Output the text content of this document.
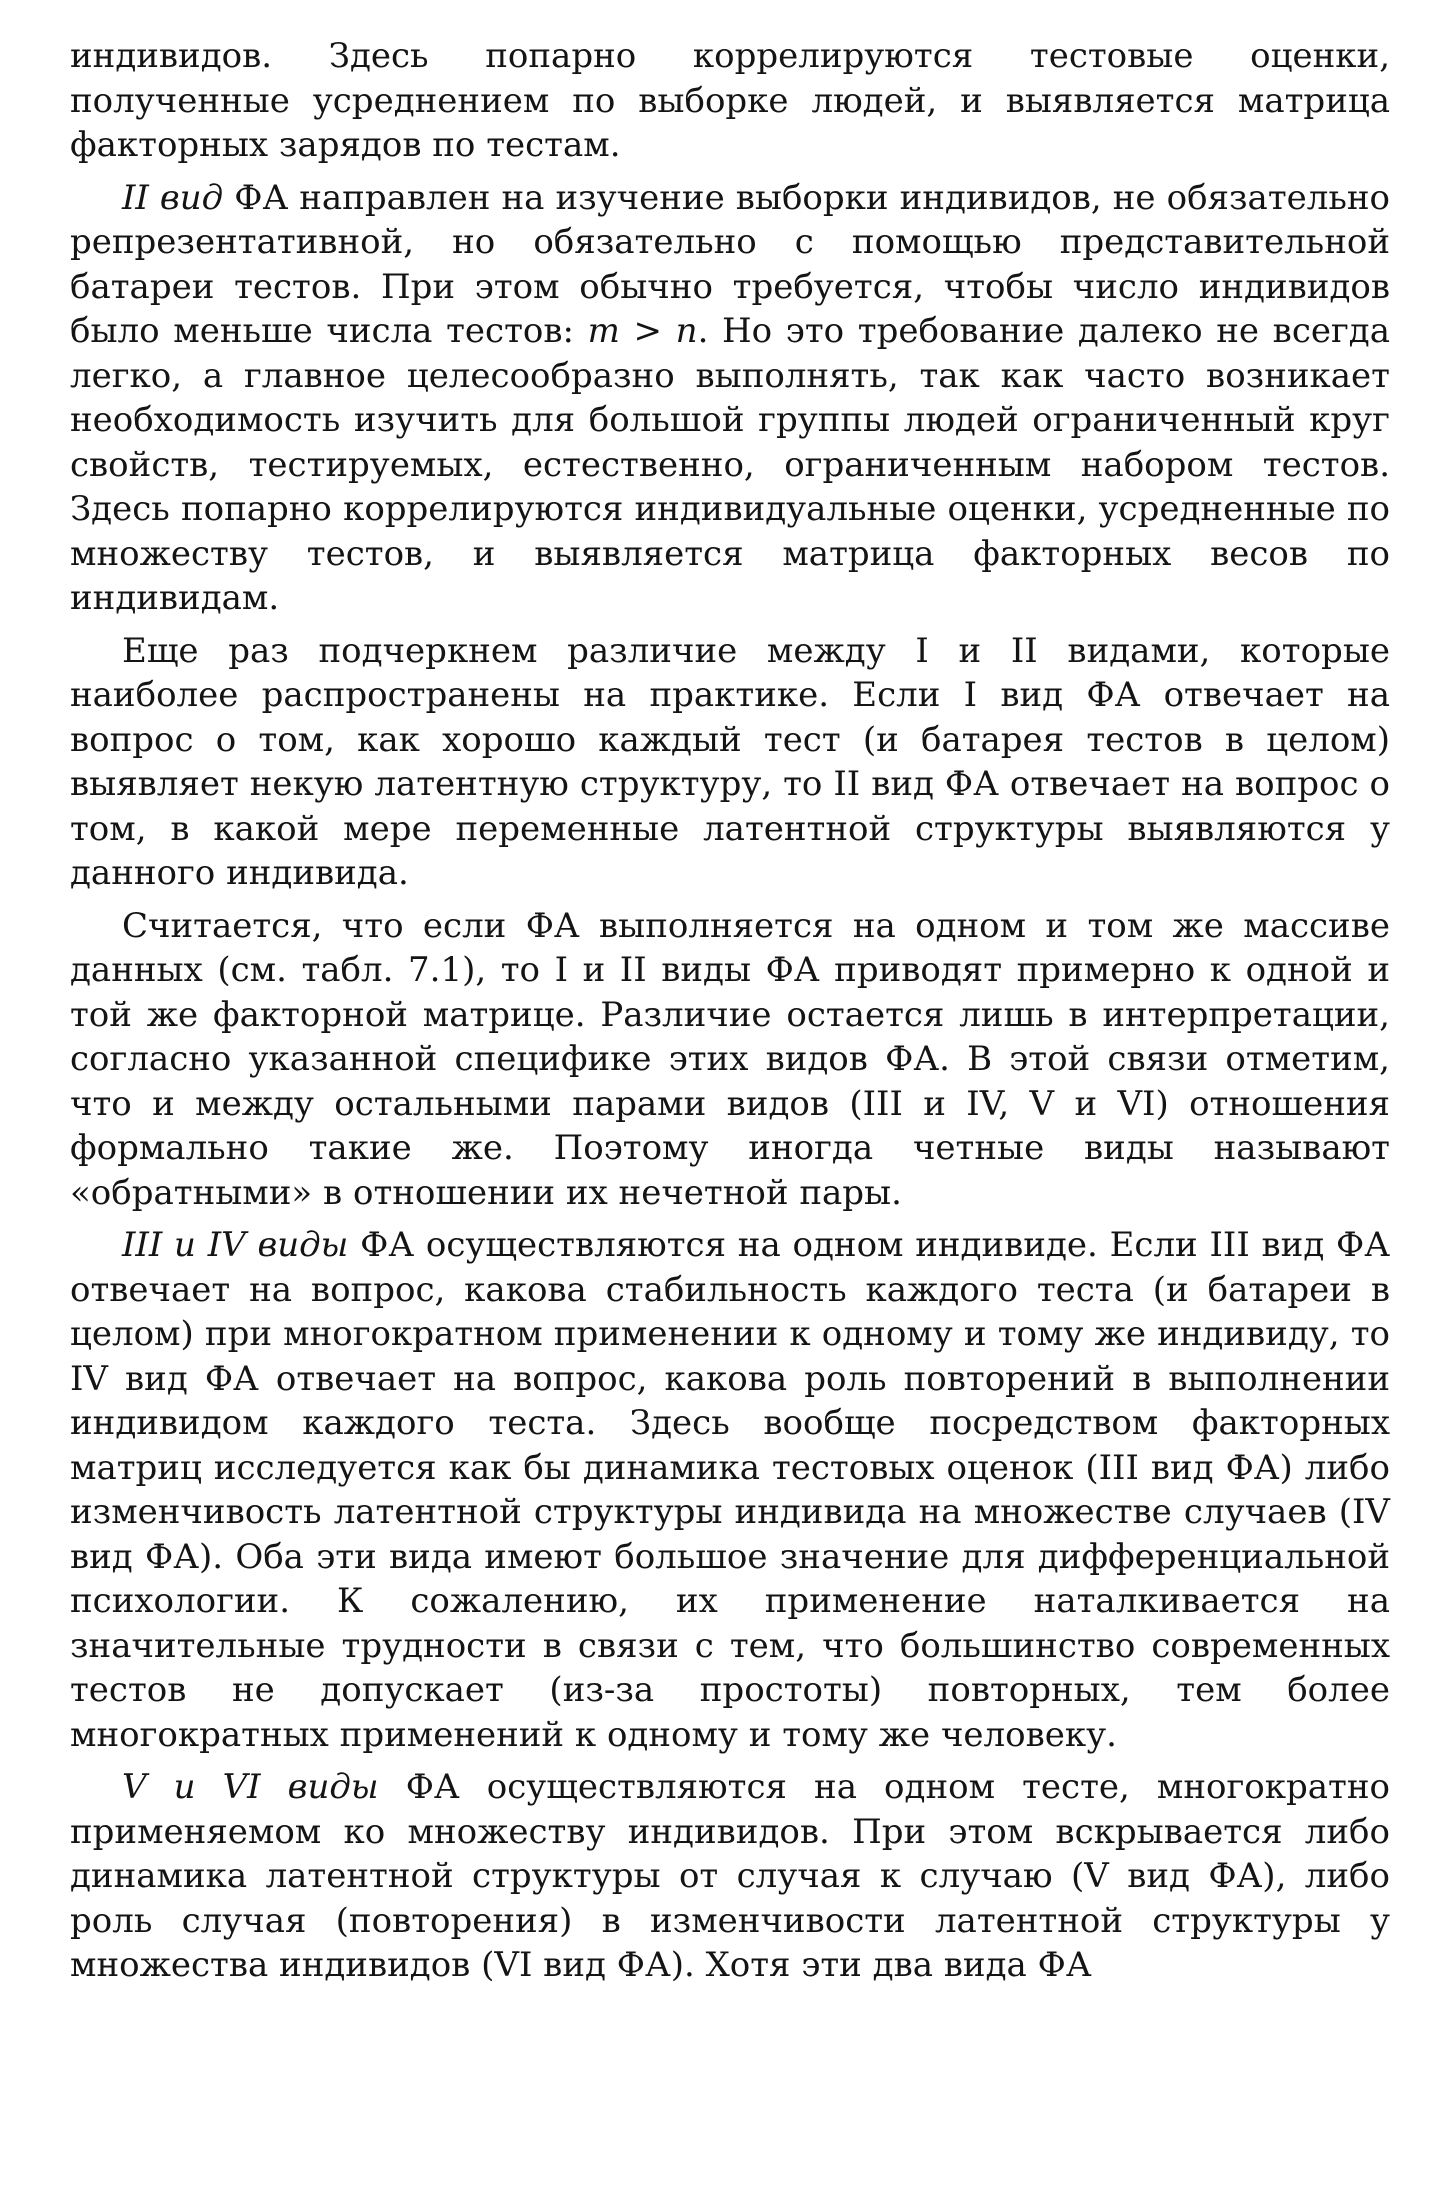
индивидов. Здесь попарно коррелируются тестовые оценки, полученные усреднением по выборке людей, и выявляется матрица факторных зарядов по тестам.

II вид ФА направлен на изучение выборки индивидов, не обязательно репрезентативной, но обязательно с помощью представительной батареи тестов. При этом обычно требуется, чтобы число индивидов было меньше числа тестов: m > n. Но это требование далеко не всегда легко, а главное целесообразно выполнять, так как часто возникает необходимость изучить для большой группы людей ограниченный круг свойств, тестируемых, естественно, ограниченным набором тестов. Здесь попарно коррелируются индивидуальные оценки, усредненные по множеству тестов, и выявляется матрица факторных весов по индивидам.

Еще раз подчеркнем различие между I и II видами, которые наиболее распространены на практике. Если I вид ФА отвечает на вопрос о том, как хорошо каждый тест (и батарея тестов в целом) выявляет некую латентную структуру, то II вид ФА отвечает на вопрос о том, в какой мере переменные латентной структуры выявляются у данного индивида.

Считается, что если ФА выполняется на одном и том же массиве данных (см. табл. 7.1), то I и II виды ФА приводят примерно к одной и той же факторной матрице. Различие остается лишь в интерпретации, согласно указанной специфике этих видов ФА. В этой связи отметим, что и между остальными парами видов (III и IV, V и VI) отношения формально такие же. Поэтому иногда четные виды называют «обратными» в отношении их нечетной пары.

III и IV виды ФА осуществляются на одном индивиде. Если III вид ФА отвечает на вопрос, какова стабильность каждого теста (и батареи в целом) при многократном применении к одному и тому же индивиду, то IV вид ФА отвечает на вопрос, какова роль повторений в выполнении индивидом каждого теста. Здесь вообще посредством факторных матриц исследуется как бы динамика тестовых оценок (III вид ФА) либо изменчивость латентной структуры индивида на множестве случаев (IV вид ФА). Оба эти вида имеют большое значение для дифференциальной психологии. К сожалению, их применение наталкивается на значительные трудности в связи с тем, что большинство современных тестов не допускает (из-за простоты) повторных, тем более многократных применений к одному и тому же человеку.

V и VI виды ФА осуществляются на одном тесте, многократно применяемом ко множеству индивидов. При этом вскрывается либо динамика латентной структуры от случая к случаю (V вид ФА), либо роль случая (повторения) в изменчивости латентной структуры у множества индивидов (VI вид ФА). Хотя эти два вида ФА
